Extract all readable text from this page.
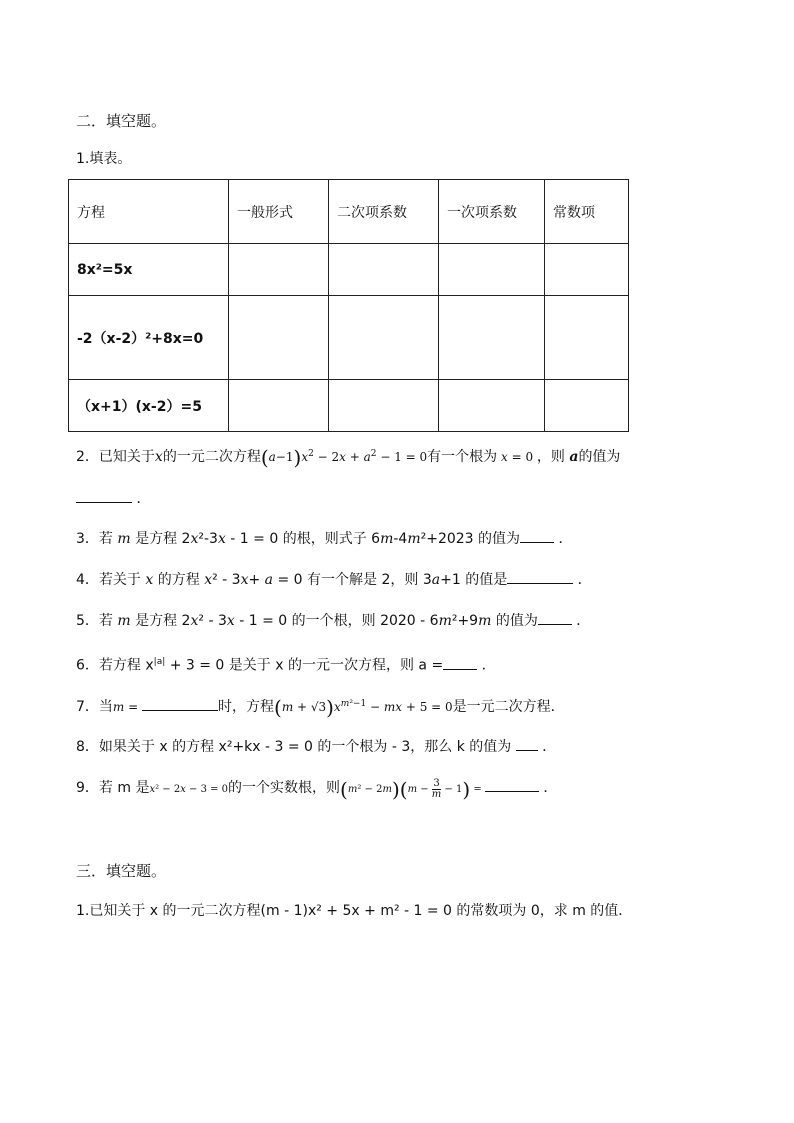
二．填空题。
1.填表。
方程	一般形式	二次项系数	一次项系数	常数项
8x²=5x				
-2（x-2）²+8x=0				
（x+1）(x-2）=5				
2．已知关于x的一元二次方程$(a-1)x^2 - 2x + a^2 - 1 = 0$有一个根为 x = 0 ，则 a的值为
．
3．若 m 是方程 2x²-3x - 1 = 0 的根，则式子 6m-4m²+2023 的值为	．
4．若关于 x 的方程 x² - 3x+ a = 0 有一个解是 2，则 3a+1 的值是	．
5．若 m 是方程 2x² - 3x - 1 = 0 的一个根，则 2020 - 6m²+9m 的值为	．
6．若方程 $x^{|a|} + 3 = 0$ 是关于 x 的一元一次方程，则 a =	．
7．当m =	时，方程$(m + √3)x^{m^2-1}$ − mx + 5 = 0是一元二次方程．
8．如果关于 x 的方程 x²+kx - 3 = 0 的一个根为 - 3，那么 k 的值为 ．
9．若 m 是x² − 2x − 3 = 0的一个实数根，则$(m^2 - 2m)(m - \frac{3}{m} - 1)$ =	．
三．填空题。
1.已知关于 x 的一元二次方程(m - 1)x² + 5x + m² - 1 = 0 的常数项为 0，求 m 的值．
